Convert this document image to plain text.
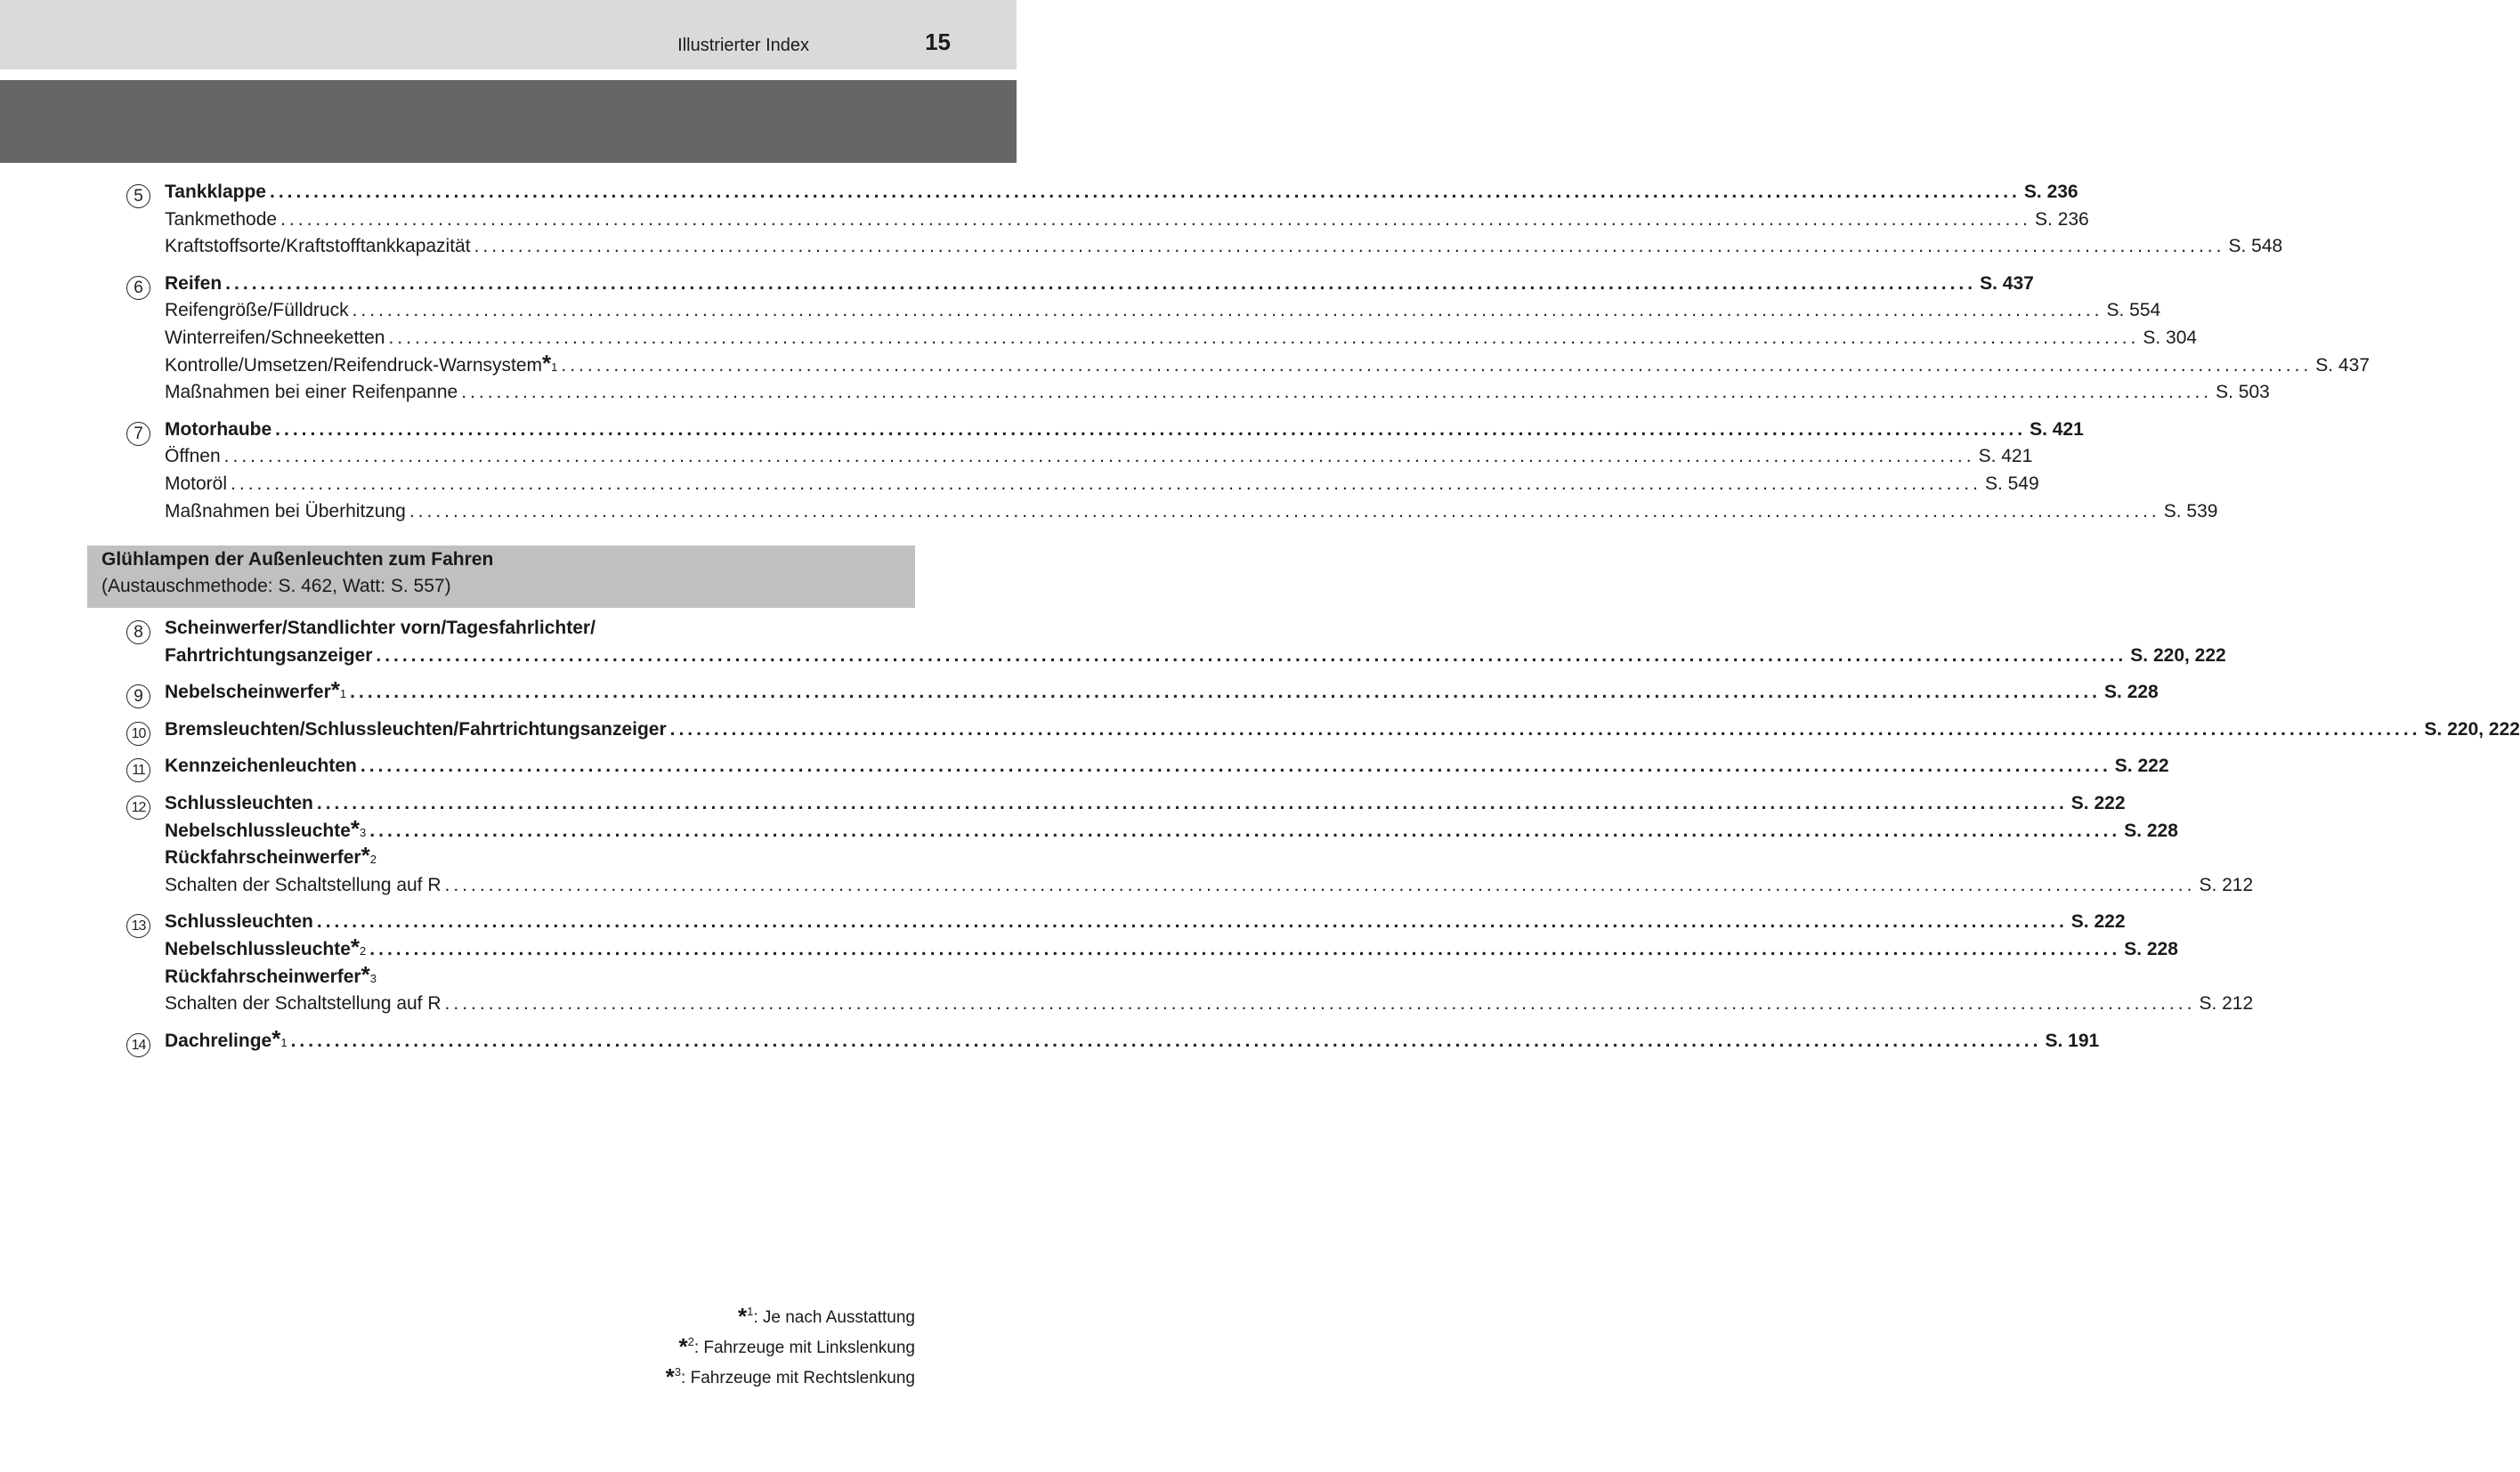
Illustrierter Index	15
5	Tankklappe ........................................................................................................................................................................................................ S. 236
Tankmethode ........................................................................................................................................................................................................ S. 236
Kraftstoffsorte/Kraftstofftankkapazität ........................................................................................................................................................................................................ S. 548
6	Reifen ........................................................................................................................................................................................................ S. 437
Reifengröße/Fülldruck ........................................................................................................................................................................................................ S. 554
Winterreifen/Schneeketten ........................................................................................................................................................................................................ S. 304
Kontrolle/Umsetzen/Reifendruck-Warnsystem * 1 ........................................................................................................................................................................................................ S. 437
Maßnahmen bei einer Reifenpanne ........................................................................................................................................................................................................ S. 503
7	Motorhaube ........................................................................................................................................................................................................ S. 421
Öffnen ........................................................................................................................................................................................................ S. 421
Motoröl ........................................................................................................................................................................................................ S. 549
Maßnahmen bei Überhitzung ........................................................................................................................................................................................................ S. 539
Glühlampen der Außenleuchten zum Fahren
(Austauschmethode: S. 462, Watt: S. 557)
8	Scheinwerfer/Standlichter vorn/Tagesfahrlichter/
Fahrtrichtungsanzeiger ........................................................................................................................................................................................................ S. 220, 222
9	Nebelscheinwerfer * 1 ........................................................................................................................................................................................................ S. 228
10 Bremsleuchten/Schlussleuchten/Fahrtrichtungsanzeiger ........................................................................................................................................................................................................ S. 220, 222
11 Kennzeichenleuchten ........................................................................................................................................................................................................ S. 222
12 Schlussleuchten ........................................................................................................................................................................................................ S. 222
Nebelschlussleuchte * 3 ........................................................................................................................................................................................................ S. 228
Rückfahrscheinwerfer * 2
Schalten der Schaltstellung auf R ........................................................................................................................................................................................................ S. 212
13 Schlussleuchten ........................................................................................................................................................................................................ S. 222
Nebelschlussleuchte * 2 ........................................................................................................................................................................................................ S. 228
Rückfahrscheinwerfer * 3
Schalten der Schaltstellung auf R ........................................................................................................................................................................................................ S. 212
14 Dachrelinge * 1 ........................................................................................................................................................................................................ S. 191
*$^1$: Je nach Ausstattung
*$^2$: Fahrzeuge mit Linkslenkung
*$^3$: Fahrzeuge mit Rechtslenkung
